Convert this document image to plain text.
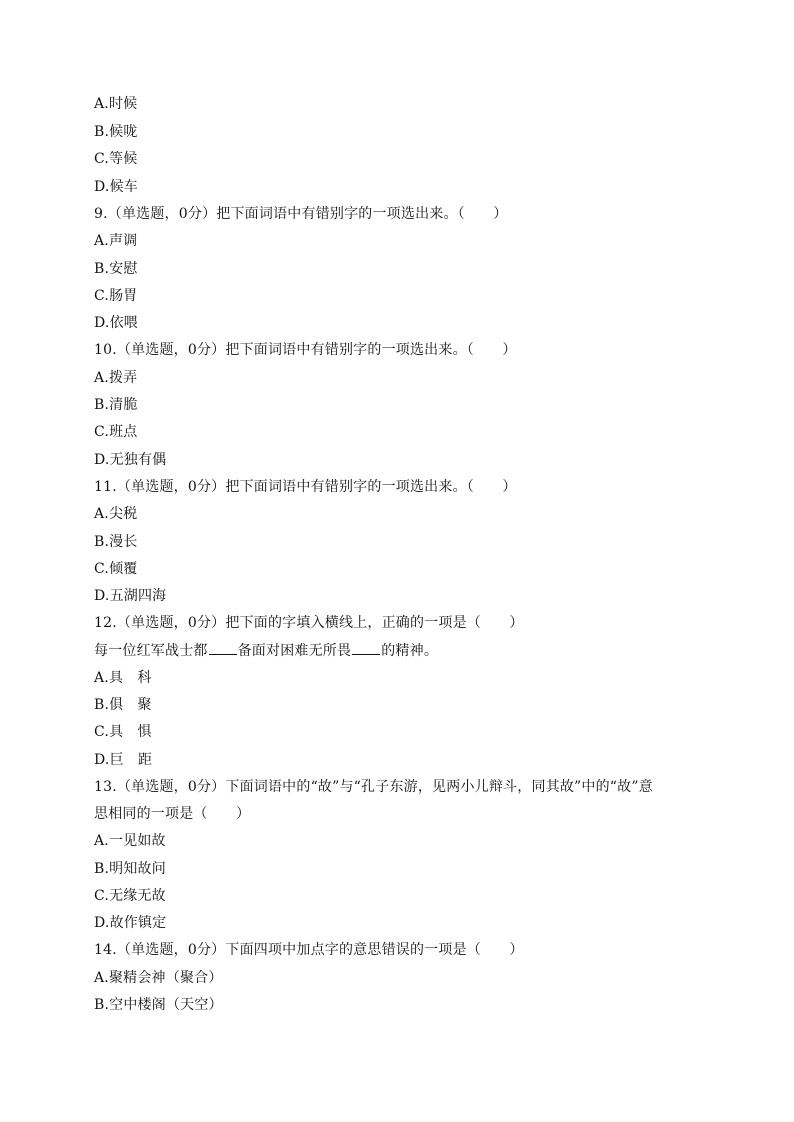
A.时候
B.候咙
C.等候
D.候车
9.（单选题，0分）把下面词语中有错别字的一项选出来。（　　）
A.声调
B.安慰
C.肠胃
D.依喂
10.（单选题，0分）把下面词语中有错别字的一项选出来。（　　）
A.拨弄
B.清脆
C.班点
D.无独有偶
11.（单选题，0分）把下面词语中有错别字的一项选出来。（　　）
A.尖税
B.漫长
C.倾覆
D.五湖四海
12.（单选题，0分）把下面的字填入横线上，正确的一项是（　　）
每一位红军战士都 备面对困难无所畏 的精神。
A.具　科
B.俱　聚
C.具　惧
D.巨　距
13.（单选题，0分）下面词语中的“故”与“孔子东游，见两小儿辩斗，同其故”中的“故”意
思相同的一项是（　　）
A.一见如故
B.明知故问
C.无缘无故
D.故作镇定
14.（单选题，0分）下面四项中加点字的意思错误的一项是（　　）
A.聚精会神（聚合）
B.空中楼阁（天空）
